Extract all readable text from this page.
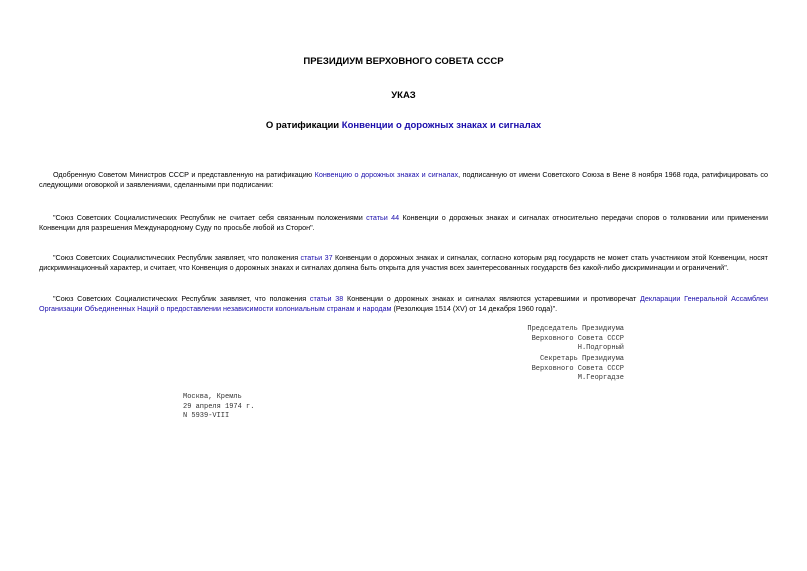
ПРЕЗИДИУМ ВЕРХОВНОГО СОВЕТА СССР
УКАЗ
О ратификации Конвенции о дорожных знаках и сигналах
Одобренную Советом Министров СССР и представленную на ратификацию Конвенцию о дорожных знаках и сигналах, подписанную от имени Советского Союза в Вене 8 ноября 1968 года, ратифицировать со следующими оговоркой и заявлениями, сделанными при подписании:
"Союз Советских Социалистических Республик не считает себя связанным положениями статьи 44 Конвенции о дорожных знаках и сигналах относительно передачи споров о толковании или применении Конвенции для разрешения Международному Суду по просьбе любой из Сторон".
"Союз Советских Социалистических Республик заявляет, что положения статьи 37 Конвенции о дорожных знаках и сигналах, согласно которым ряд государств не может стать участником этой Конвенции, носят дискриминационный характер, и считает, что Конвенция о дорожных знаках и сигналах должна быть открыта для участия всех заинтересованных государств без какой-либо дискриминации и ограничений".
"Союз Советских Социалистических Республик заявляет, что положения статьи 38 Конвенции о дорожных знаках и сигналах являются устаревшими и противоречат Декларации Генеральной Ассамблеи Организации Объединенных Наций о предоставлении независимости колониальным странам и народам (Резолюция 1514 (XV) от 14 декабря 1960 года)".
Председатель Президиума
Верховного Совета СССР
Н.Подгорный
Секретарь Президиума
Верховного Совета СССР
М.Георгадзе
Москва, Кремль
29 апреля 1974 г.
N 5939-VIII
